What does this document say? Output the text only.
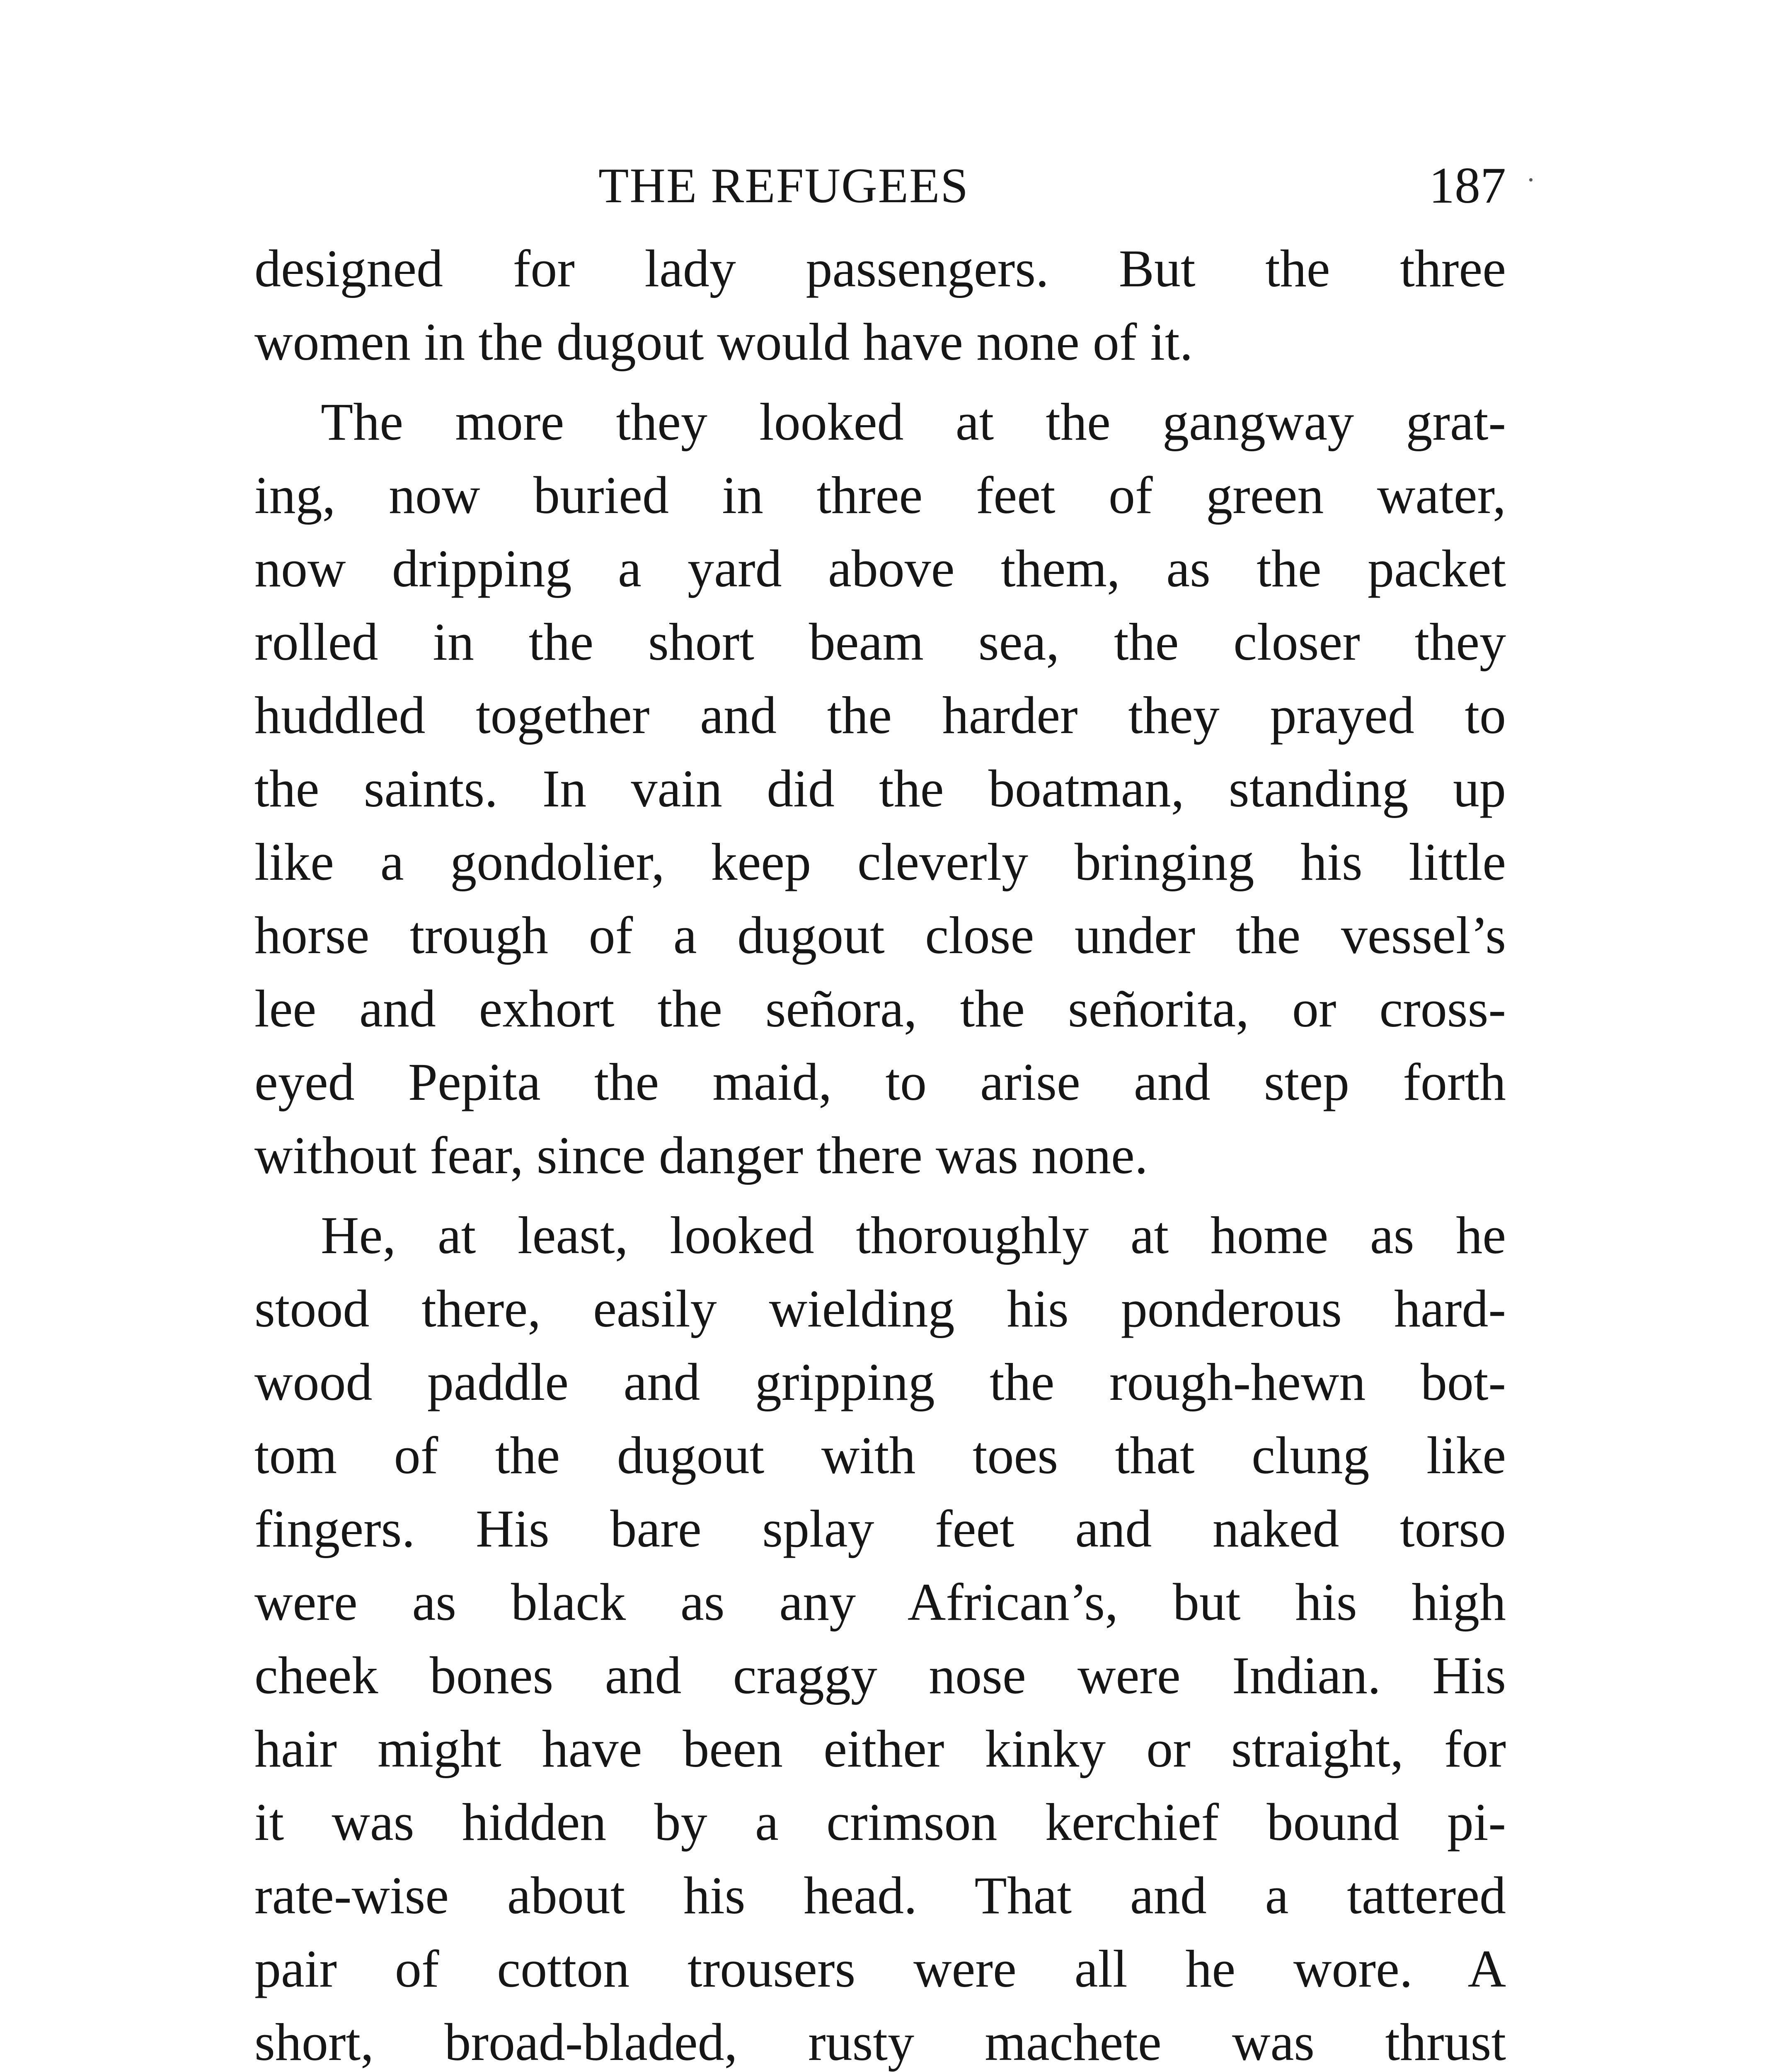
THE REFUGEES	187
designed for lady passengers. But the three
women in the dugout would have none of it.
The more they looked at the gangway grat-
ing, now buried in three feet of green water,
now dripping a yard above them, as the packet
rolled in the short beam sea, the closer they
huddled together and the harder they prayed to
the saints. In vain did the boatman, standing up
like a gondolier, keep cleverly bringing his little
horse trough of a dugout close under the vessel’s
lee and exhort the señora, the señorita, or cross-
eyed Pepita the maid, to arise and step forth
without fear, since danger there was none.
He, at least, looked thoroughly at home as he
stood there, easily wielding his ponderous hard-
wood paddle and gripping the rough-hewn bot-
tom of the dugout with toes that clung like
fingers. His bare splay feet and naked torso
were as black as any African’s, but his high
cheek bones and craggy nose were Indian. His
hair might have been either kinky or straight, for
it was hidden by a crimson kerchief bound pi-
rate-wise about his head. That and a tattered
pair of cotton trousers were all he wore. A
short, broad-bladed, rusty machete was thrust
